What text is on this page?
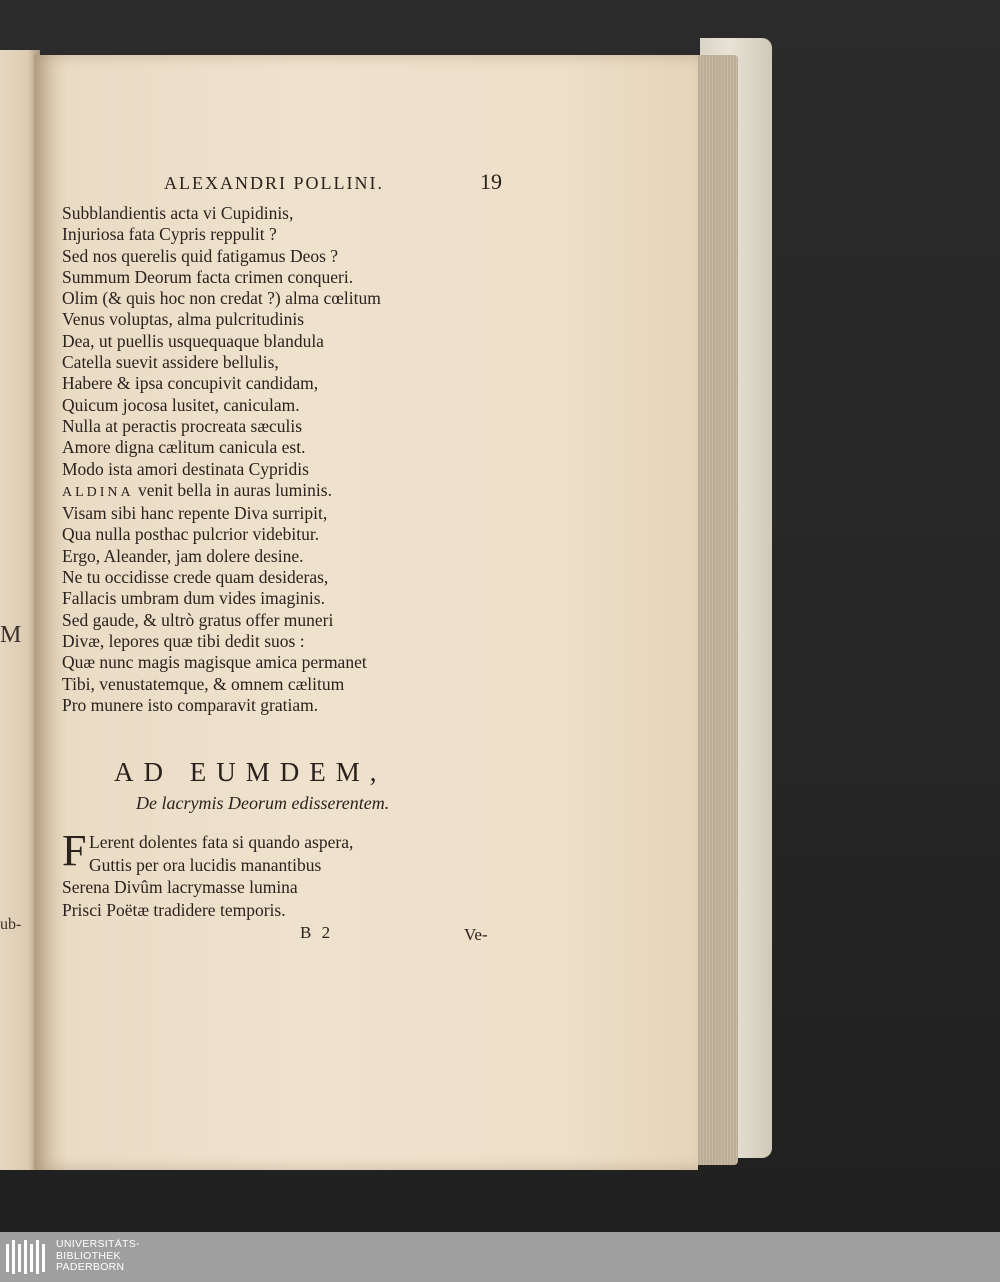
M
ub-
ALEXANDRI POLLINI.	19
Subblandientis acta vi Cupidinis,
Injuriosa fata Cypris reppulit ?
Sed nos querelis quid fatigamus Deos ?
Summum Deorum facta crimen conqueri.
Olim (& quis hoc non credat ?) alma cœlitum
Venus voluptas, alma pulcritudinis
Dea, ut puellis usquequaque blandula
Catella suevit assidere bellulis,
Habere & ipsa concupivit candidam,
Quicum jocosa lusitet, caniculam.
Nulla at peractis procreata sæculis
Amore digna cælitum canicula est.
Modo ista amori destinata Cypridis
ALDINA venit bella in auras luminis.
Visam sibi hanc repente Diva surripit,
Qua nulla posthac pulcrior videbitur.
Ergo, Aleander, jam dolere desine.
Ne tu occidisse crede quam desideras,
Fallacis umbram dum vides imaginis.
Sed gaude, & ultrò gratus offer muneri
Divæ, lepores quæ tibi dedit suos :
Quæ nunc magis magisque amica permanet
Tibi, venustatemque, & omnem cælitum
Pro munere isto comparavit gratiam.
AD EUMDEM,
De lacrymis Deorum edisserentem.
F Lerent dolentes fata si quando aspera,
Guttis per ora lucidis manantibus
Serena Divûm lacrymasse lumina
Prisci Poëtæ tradidere temporis.
B 2	Ve-
UNIVERSITÄTS-
BIBLIOTHEK
PADERBORN
